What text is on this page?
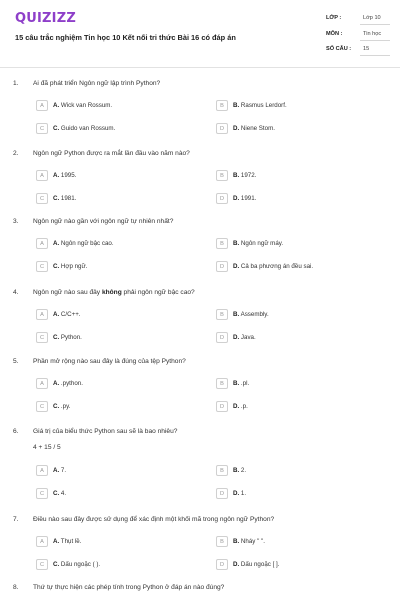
QUIZIZZ
15 câu trắc nghiệm Tin học 10 Kết nối tri thức Bài 16 có đáp án
LỚP :	Lớp 10
MÔN :	Tin học
SỐ CÂU : 15
1. Ai đã phát triển Ngôn ngữ lập trình Python?
A	A. Wick van Rossum.	B	B. Rasmus Lerdorf.
C	C. Guido van Rossum.	D	D. Niene Stom.
2. Ngôn ngữ Python được ra mắt lần đầu vào năm nào?
A	A. 1995.	B	B. 1972.
C	C. 1981.	D	D. 1991.
3. Ngôn ngữ nào gần với ngôn ngữ tự nhiên nhất?
A	A. Ngôn ngữ bậc cao.	B	B. Ngôn ngữ máy.
C	C. Hợp ngữ.	D	D. Cả ba phương án đều sai.
4. Ngôn ngữ nào sau đây không phải ngôn ngữ bậc cao?
A	A. C/C++.	B	B. Assembly.
C	C. Python.	D	D. Java.
5. Phần mở rộng nào sau đây là đúng của tệp Python?
A	A. .python.	B	B. .pl.
C	C. .py.	D	D. .p.
6. Giá trị của biểu thức Python sau sẽ là bao nhiêu?
4 + 15 / 5
A	A. 7.	B	B. 2.
C	C. 4.	D	D. 1.
7. Điều nào sau đây được sử dụng để xác định một khối mã trong ngôn ngữ Python?
A	A. Thụt lề.	B	B. Nháy " ".
C	C. Dấu ngoặc ( ).	D	D. Dấu ngoặc [ ].
8. Thứ tự thực hiện các phép tính trong Python ở đáp án nào đúng?
